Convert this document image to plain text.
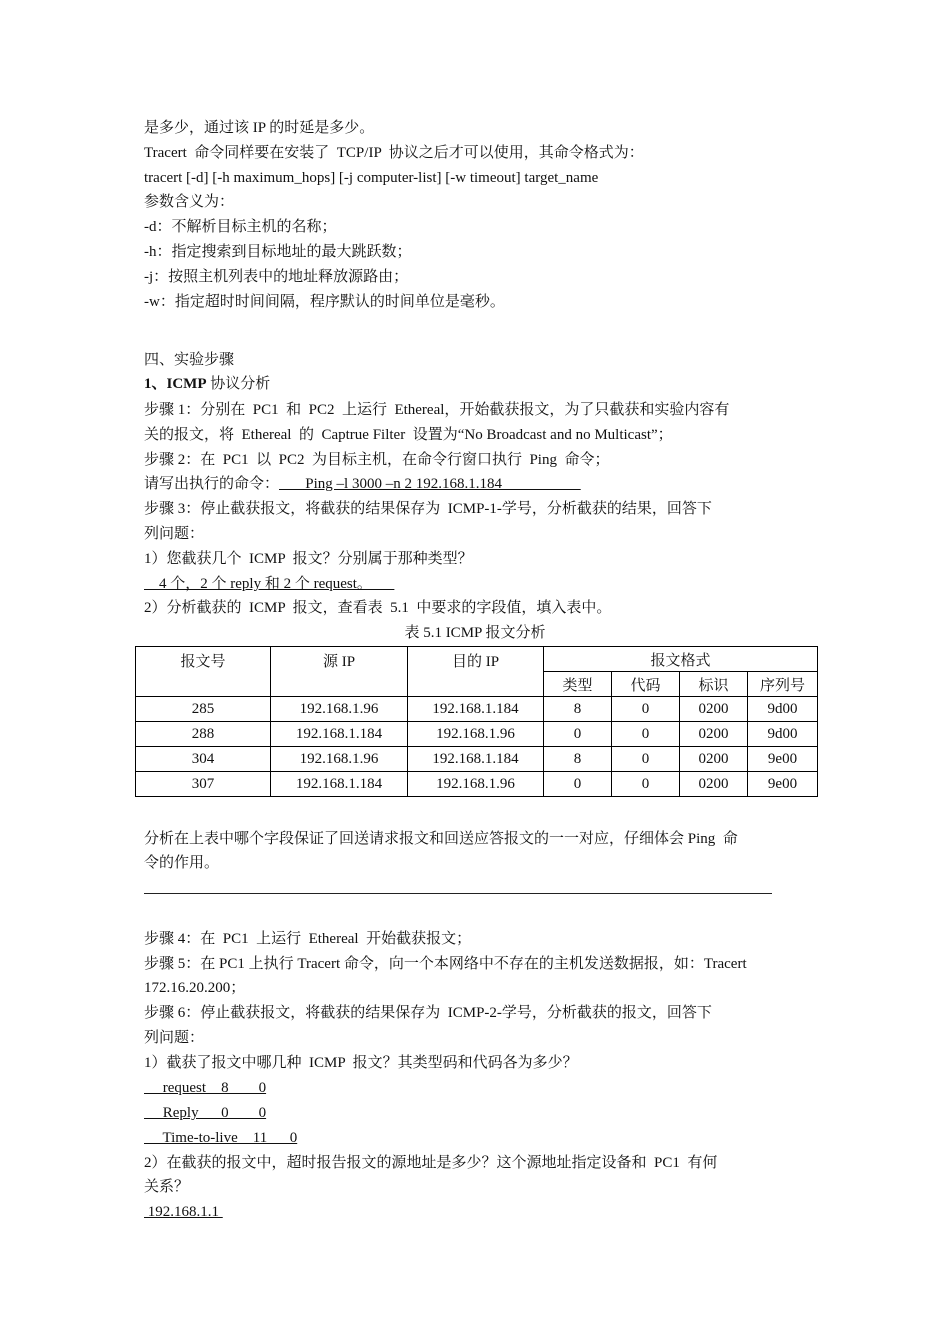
是多少，通过该 IP 的时延是多少。
Tracert  命令同样要在安装了  TCP/IP  协议之后才可以使用，其命令格式为：
tracert [-d] [-h maximum_hops] [-j computer-list] [-w timeout] target_name
参数含义为：
-d：不解析目标主机的名称；
-h：指定搜索到目标地址的最大跳跃数；
-j：按照主机列表中的地址释放源路由；
-w：指定超时时间间隔，程序默认的时间单位是毫秒。
四、实验步骤
1、ICMP 协议分析
步骤 1：分别在  PC1  和  PC2  上运行  Ethereal，开始截获报文，为了只截获和实验内容有
关的报文，将  Ethereal  的  Captrue Filter  设置为“No Broadcast and no Multicast”；
步骤 2：在  PC1  以  PC2  为目标主机，在命令行窗口执行  Ping  命令；
请写出执行的命令：       Ping –l 3000 –n 2 192.168.1.184
步骤 3：停止截获报文，将截获的结果保存为  ICMP-1-学号，分析截获的结果，回答下
列问题：
1）您截获几个  ICMP  报文？分别属于那种类型？
4 个，2 个 reply 和 2 个 request。
2）分析截获的  ICMP  报文，查看表  5.1  中要求的字段值，填入表中。
表 5.1 ICMP 报文分析
报文号	源 IP	目的 IP	报文格式			
			类型	代码	标识	序列号
285	192.168.1.96	192.168.1.184	8	0	0200	9d00
288	192.168.1.184	192.168.1.96	0	0	0200	9d00
304	192.168.1.96	192.168.1.184	8	0	0200	9e00
307	192.168.1.184	192.168.1.96	0	0	0200	9e00
分析在上表中哪个字段保证了回送请求报文和回送应答报文的一一对应，仔细体会 Ping  命
令的作用。
步骤 4：在  PC1  上运行  Ethereal  开始截获报文；
步骤 5：在 PC1 上执行 Tracert 命令，向一个本网络中不存在的主机发送数据报，如：Tracert
172.16.20.200；
步骤 6：停止截获报文，将截获的结果保存为  ICMP-2-学号，分析截获的报文，回答下
列问题：
1）截获了报文中哪几种  ICMP  报文？其类型码和代码各为多少？
request    8        0
Reply      0        0
Time-to-live    11      0
2）在截获的报文中，超时报告报文的源地址是多少？这个源地址指定设备和  PC1  有何
关系？
192.168.1.1
